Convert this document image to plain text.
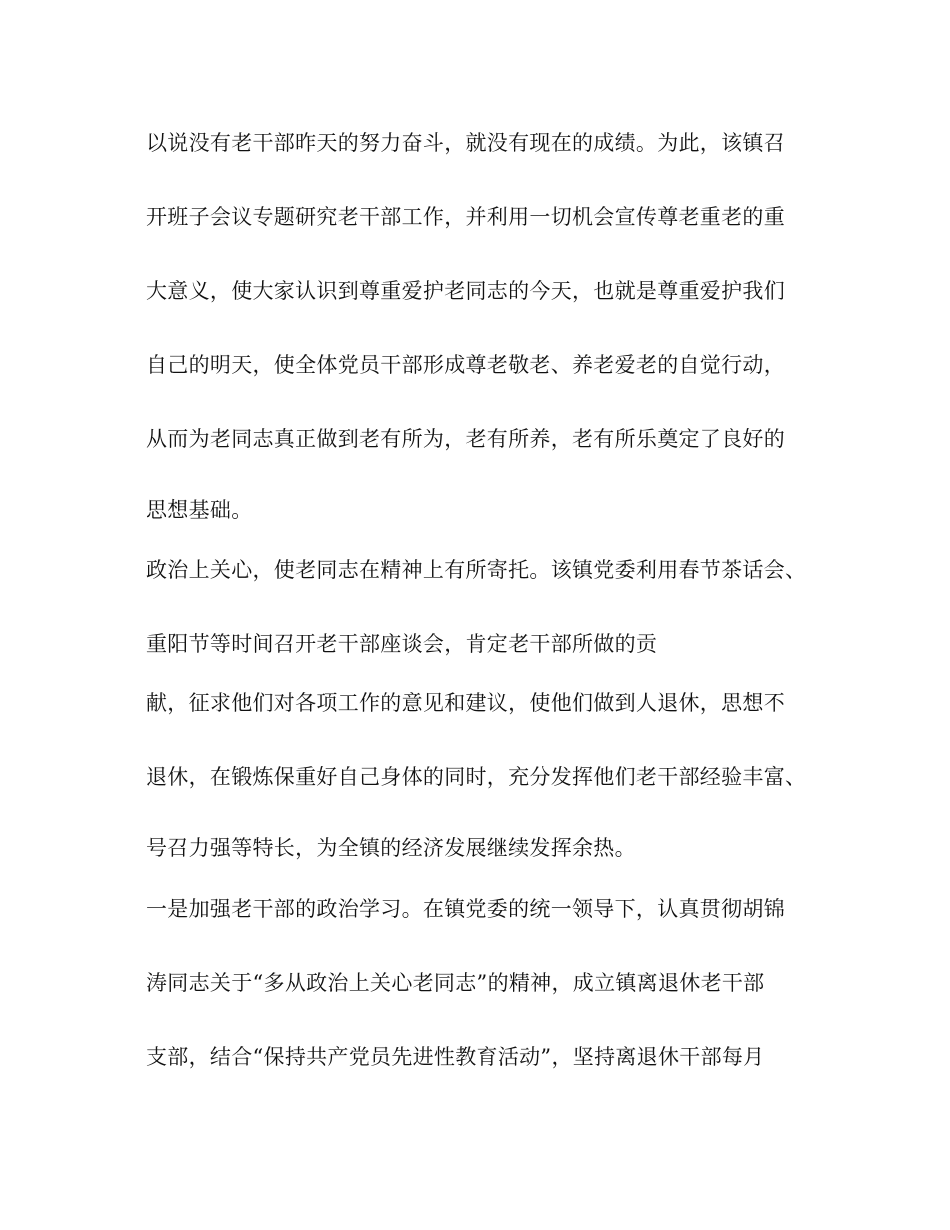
以说没有老干部昨天的努力奋斗，就没有现在的成绩。为此，该镇召

开班子会议专题研究老干部工作，并利用一切机会宣传尊老重老的重

大意义，使大家认识到尊重爱护老同志的今天，也就是尊重爱护我们

自己的明天，使全体党员干部形成尊老敬老、养老爱老的自觉行动，

从而为老同志真正做到老有所为，老有所养，老有所乐奠定了良好的

思想基础。

政治上关心，使老同志在精神上有所寄托。该镇党委利用春节茶话会、

重阳节等时间召开老干部座谈会，肯定老干部所做的贡

献，征求他们对各项工作的意见和建议，使他们做到人退休，思想不

退休，在锻炼保重好自己身体的同时，充分发挥他们老干部经验丰富、

号召力强等特长，为全镇的经济发展继续发挥余热。

一是加强老干部的政治学习。在镇党委的统一领导下，认真贯彻胡锦

涛同志关于“多从政治上关心老同志”的精神，成立镇离退休老干部

支部，结合“保持共产党员先进性教育活动”，坚持离退休干部每月
